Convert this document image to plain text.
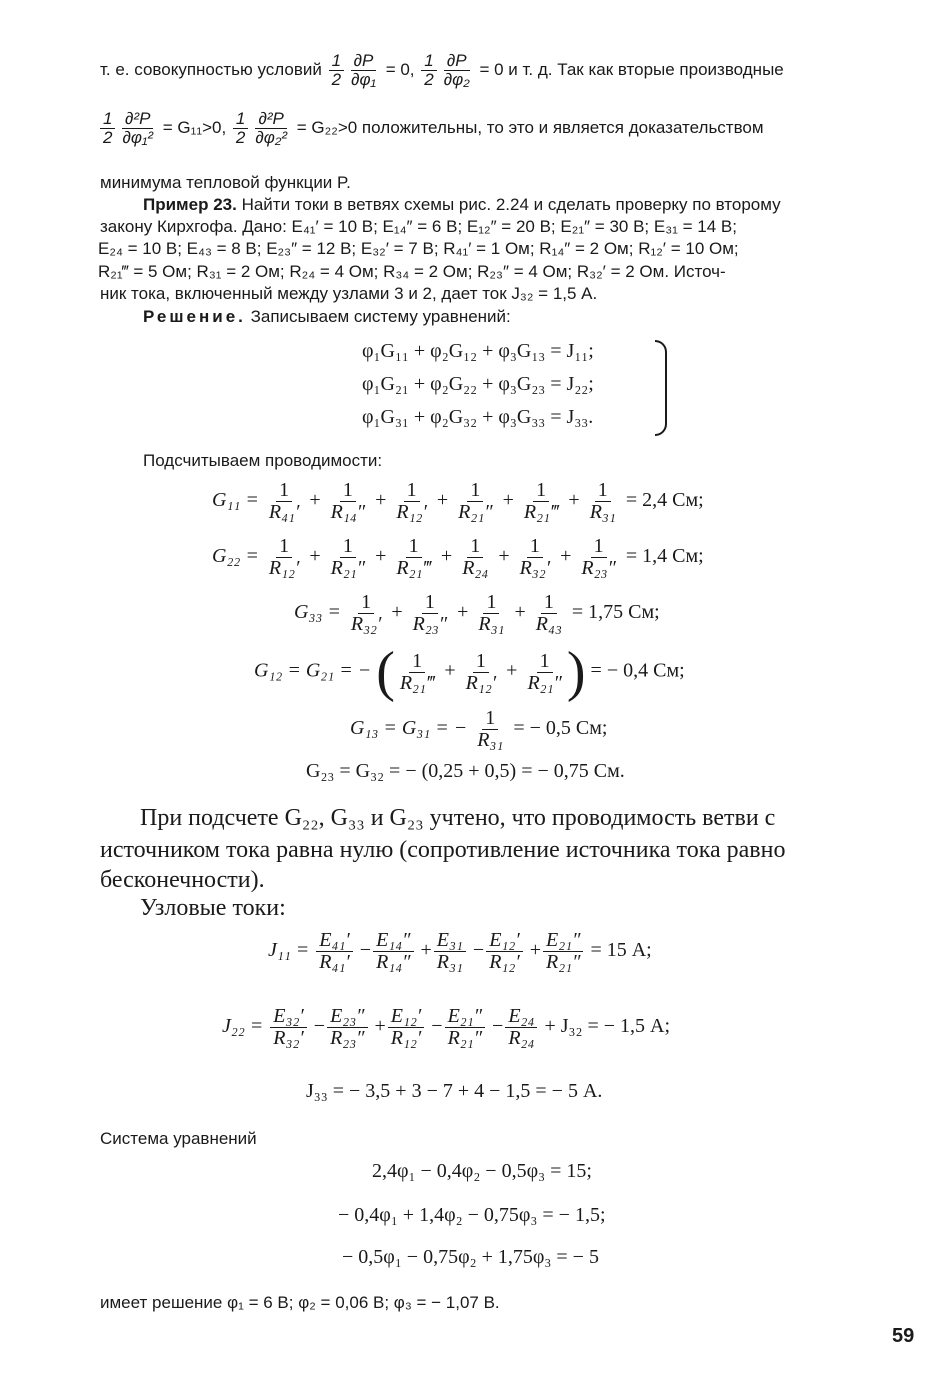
т. е. совокупностью условий $\frac{1}{2} \frac{\partial P}{\text{∂φ₁}} = 0$, $\frac{1}{2} \frac{\partial P}{\text{∂φ₂}} = 0$ и т. д. Так как вторые производные
$\frac{1}{2} \frac{\text{∂²P}}{\text{∂φ₁²}} = G_{11}>0$, $\frac{1}{2} \frac{\text{∂²P}}{\text{∂φ₂²}} = G_{22}>0$ положительны, то это и является доказательством
минимума тепловой функции P.
Пример 23. Найти токи в ветвях схемы рис. 2.24 и сделать проверку по второму
закону Кирхгофа. Дано: E₄₁′ = 10 В; E₁₄″ = 6 В; E₁₂″ = 20 В; E₂₁″ = 30 В; E₃₁ = 14 В;
E₂₄ = 10 В; E₄₃ = 8 В; E₂₃″ = 12 В; E₃₂′ = 7 В; R₄₁′ = 1 Ом; R₁₄″ = 2 Ом; R₁₂′ = 10 Ом;
R₂₁‴ = 5 Ом; R₃₁ = 2 Ом; R₂₄ = 4 Ом; R₃₄ = 2 Ом; R₂₃″ = 4 Ом; R₃₂′ = 2 Ом. Источ-
ник тока, включенный между узлами 3 и 2, дает ток J₃₂ = 1,5 А.
Решение. Записываем систему уравнений:
φ₁G₁₁ + φ₂G₁₂ + φ₃G₁₃ = J₁₁;
φ₁G₂₁ + φ₂G₂₂ + φ₃G₂₃ = J₂₂;
φ₁G₃₁ + φ₂G₃₂ + φ₃G₃₃ = J₃₃.
Подсчитываем проводимости:
$G_{11} = \frac{1}{\text{R₄₁′}} + \frac{1}{\text{R₁₄″}} + \frac{1}{\text{R₁₂′}} + \frac{1}{\text{R₂₁″}} + \frac{1}{\text{R₂₁‴}} + \frac{1}{\text{R₃₁}} = 2,4$ См;
$G_{22} = \frac{1}{\text{R₁₂′}} + \frac{1}{\text{R₂₁″}} + \frac{1}{\text{R₂₁‴}} + \frac{1}{\text{R₂₄}} + \frac{1}{\text{R₃₂′}} + \frac{1}{\text{R₂₃″}} = 1,4$ См;
$G_{33} = \frac{1}{\text{R₃₂′}} + \frac{1}{\text{R₂₃″}} + \frac{1}{\text{R₃₁}} + \frac{1}{\text{R₄₃}} = 1,75$ См;
G₁₂ = G₂₁ = − ( $\frac{1}{\text{R₂₁‴}} + \frac{1}{\text{R₁₂′}} + \frac{1}{\text{R₂₁″}}$ ) = − 0,4 См;
G₁₃ = G₃₁ = − $\frac{1}{\text{R₃₁}}$ = − 0,5 См;
G₂₃ = G₃₂ = − (0,25 + 0,5) = − 0,75 См.
При подсчете G₂₂, G₃₃ и G₂₃ учтено, что проводимость ветви с
источником тока равна нулю (сопротивление источника тока равно
бесконечности).
Узловые токи:
$J_{11} = \frac{\text{E₄₁′}}{\text{R₄₁′}} - \frac{\text{E₁₄″}}{\text{R₁₄″}} + \frac{\text{E₃₁}}{\text{R₃₁}} - \frac{\text{E₁₂′}}{\text{R₁₂′}} + \frac{\text{E₂₁″}}{\text{R₂₁″}} = 15$ А;
$J_{22} = \frac{\text{E₃₂′}}{\text{R₃₂′}} - \frac{\text{E₂₃″}}{\text{R₂₃″}} + \frac{\text{E₁₂′}}{\text{R₁₂′}} - \frac{\text{E₂₁″}}{\text{R₂₁″}} - \frac{\text{E₂₄}}{\text{R₂₄}} + J_{32}$ = − 1,5 А;
J₃₃ = − 3,5 + 3 − 7 + 4 − 1,5 = − 5 А.
Система уравнений
2,4φ₁ − 0,4φ₂ − 0,5φ₃ = 15;
− 0,4φ₁ + 1,4φ₂ − 0,75φ₃ = − 1,5;
− 0,5φ₁ − 0,75φ₂ + 1,75φ₃ = − 5
имеет решение φ₁ = 6 В; φ₂ = 0,06 В; φ₃ = − 1,07 В.
59
